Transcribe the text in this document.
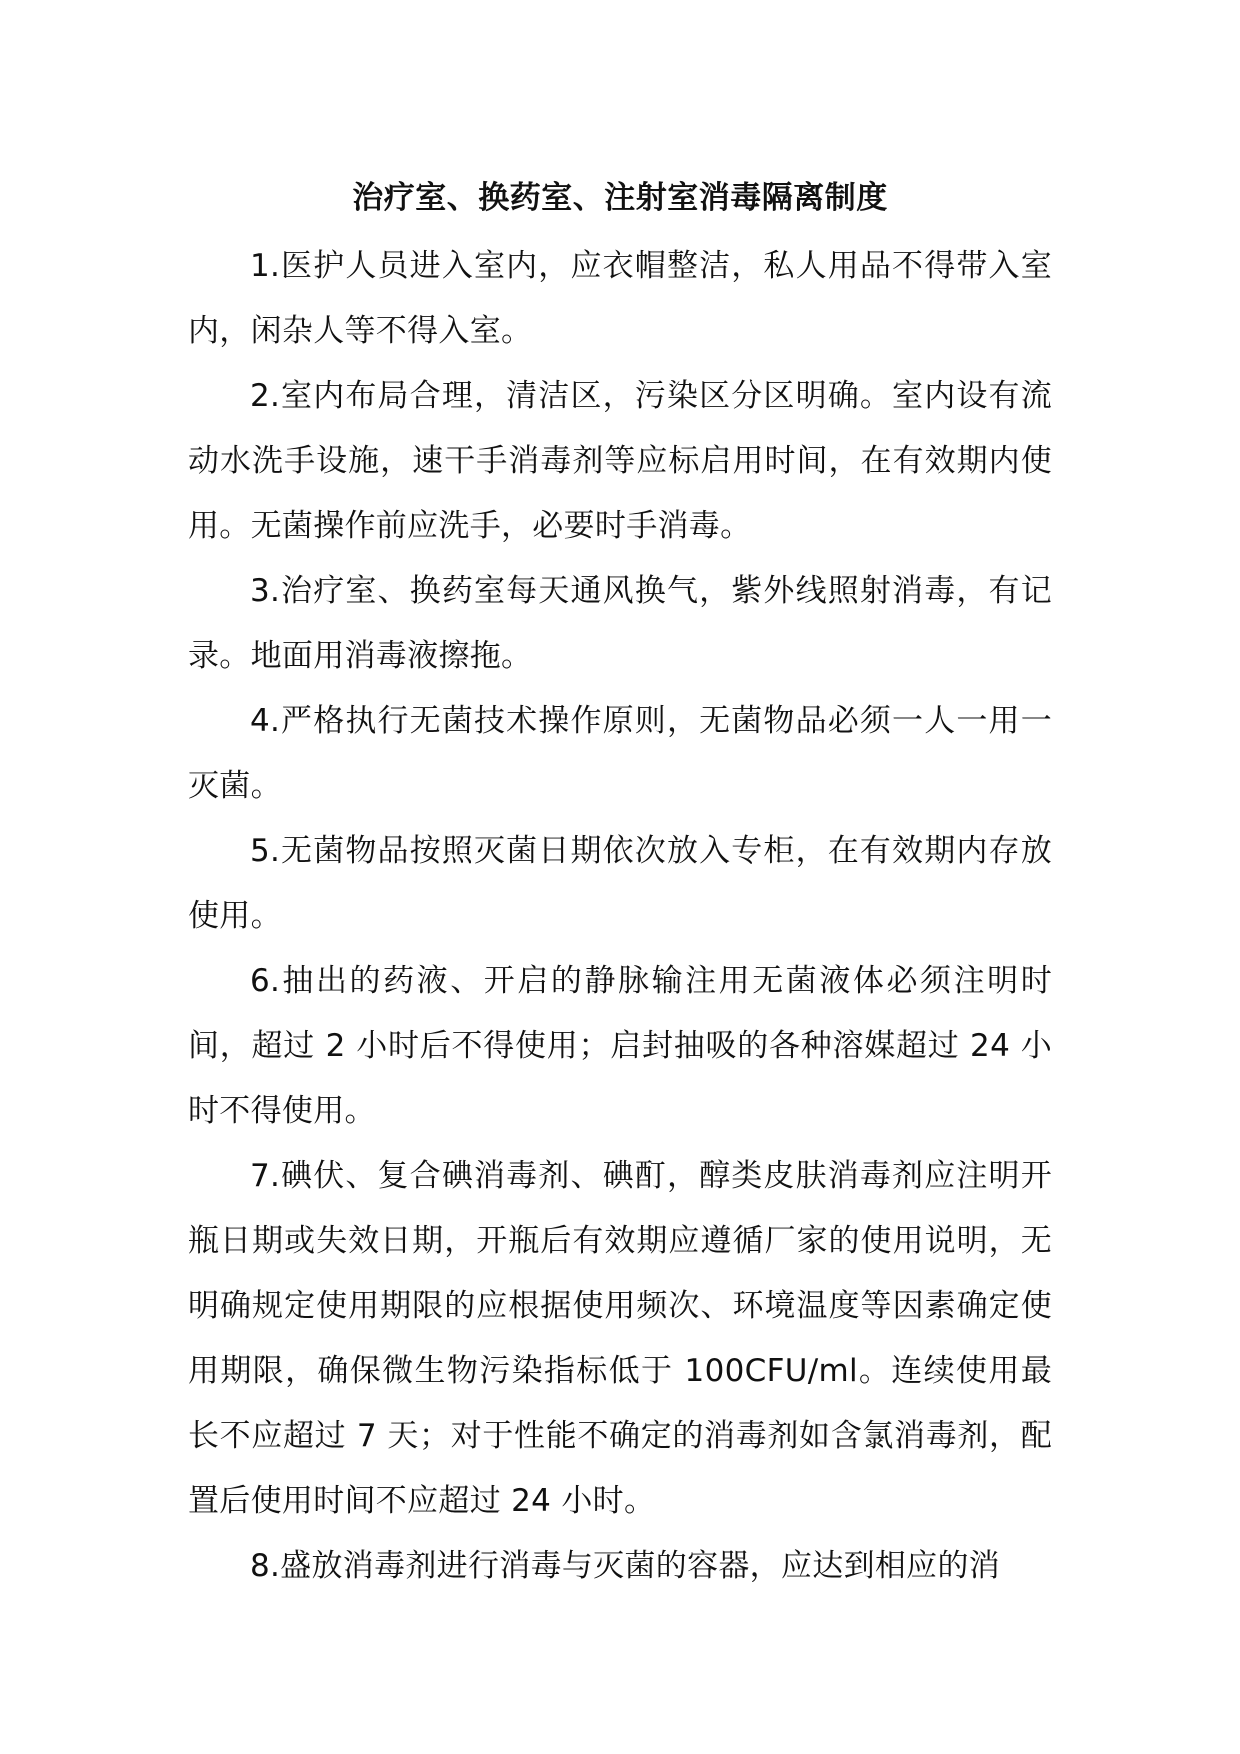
治疗室、换药室、注射室消毒隔离制度

1.医护人员进入室内，应衣帽整洁，私人用品不得带入室内，闲杂人等不得入室。

2.室内布局合理，清洁区，污染区分区明确。室内设有流动水洗手设施，速干手消毒剂等应标启用时间，在有效期内使用。无菌操作前应洗手，必要时手消毒。

3.治疗室、换药室每天通风换气，紫外线照射消毒，有记录。地面用消毒液擦拖。

4.严格执行无菌技术操作原则，无菌物品必须一人一用一灭菌。

5.无菌物品按照灭菌日期依次放入专柜，在有效期内存放使用。

6.抽出的药液、开启的静脉输注用无菌液体必须注明时间，超过 2 小时后不得使用；启封抽吸的各种溶媒超过 24 小时不得使用。

7.碘伏、复合碘消毒剂、碘酊，醇类皮肤消毒剂应注明开瓶日期或失效日期，开瓶后有效期应遵循厂家的使用说明，无明确规定使用期限的应根据使用频次、环境温度等因素确定使用期限，确保微生物污染指标低于 100CFU/ml。连续使用最长不应超过 7 天；对于性能不确定的消毒剂如含氯消毒剂，配置后使用时间不应超过 24 小时。

8.盛放消毒剂进行消毒与灭菌的容器，应达到相应的消
